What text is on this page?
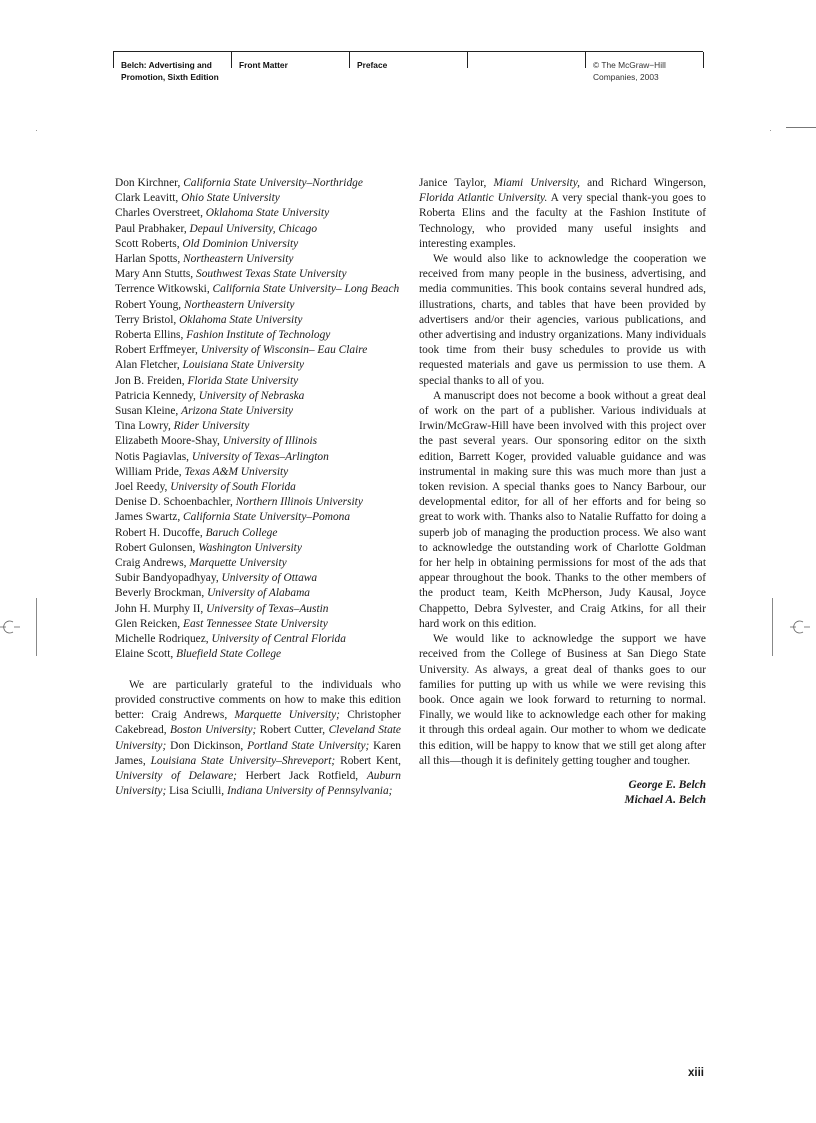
Belch: Advertising and
Promotion, Sixth Edition
Front Matter	Preface	© The McGraw−Hill
Companies, 2003
Don Kirchner, California State University–Northridge
Clark Leavitt, Ohio State University
Charles Overstreet, Oklahoma State University
Paul Prabhaker, Depaul University, Chicago
Scott Roberts, Old Dominion University
Harlan Spotts, Northeastern University
Mary Ann Stutts, Southwest Texas State University
Terrence Witkowski, California State University– Long Beach
Robert Young, Northeastern University
Terry Bristol, Oklahoma State University
Roberta Ellins, Fashion Institute of Technology
Robert Erffmeyer, University of Wisconsin– Eau Claire
Alan Fletcher, Louisiana State University
Jon B. Freiden, Florida State University
Patricia Kennedy, University of Nebraska
Susan Kleine, Arizona State University
Tina Lowry, Rider University
Elizabeth Moore-Shay, University of Illinois
Notis Pagiavlas, University of Texas–Arlington
William Pride, Texas A&M University
Joel Reedy, University of South Florida
Denise D. Schoenbachler, Northern Illinois University
James Swartz, California State University–Pomona
Robert H. Ducoffe, Baruch College
Robert Gulonsen, Washington University
Craig Andrews, Marquette University
Subir Bandyopadhyay, University of Ottawa
Beverly Brockman, University of Alabama
John H. Murphy II, University of Texas–Austin
Glen Reicken, East Tennessee State University
Michelle Rodriquez, University of Central Florida
Elaine Scott, Bluefield State College

We are particularly grateful to the individuals who provided constructive comments on how to make this edition better: Craig Andrews, Marquette University; Christopher Cakebread, Boston University; Robert Cutter, Cleveland State University; Don Dickinson, Portland State University; Karen James, Louisiana State University–Shreveport; Robert Kent, University of Delaware; Herbert Jack Rotfield, Auburn University; Lisa Sciulli, Indiana University of Pennsylvania;

Janice Taylor, Miami University, and Richard Wingerson, Florida Atlantic University. A very special thank-you goes to Roberta Elins and the faculty at the Fashion Institute of Technology, who provided many useful insights and interesting examples.

We would also like to acknowledge the cooperation we received from many people in the business, advertising, and media communities. This book contains several hundred ads, illustrations, charts, and tables that have been provided by advertisers and/or their agencies, various publications, and other advertising and industry organizations. Many individuals took time from their busy schedules to provide us with requested materials and gave us permission to use them. A special thanks to all of you.

A manuscript does not become a book without a great deal of work on the part of a publisher. Various individuals at Irwin/McGraw-Hill have been involved with this project over the past several years. Our sponsoring editor on the sixth edition, Barrett Koger, provided valuable guidance and was instrumental in making sure this was much more than just a token revision. A special thanks goes to Nancy Barbour, our developmental editor, for all of her efforts and for being so great to work with. Thanks also to Natalie Ruffatto for doing a superb job of managing the production process. We also want to acknowledge the outstanding work of Charlotte Goldman for her help in obtaining permissions for most of the ads that appear throughout the book. Thanks to the other members of the product team, Keith McPherson, Judy Kausal, Joyce Chappetto, Debra Sylvester, and Craig Atkins, for all their hard work on this edition.

We would like to acknowledge the support we have received from the College of Business at San Diego State University. As always, a great deal of thanks goes to our families for putting up with us while we were revising this book. Once again we look forward to returning to normal. Finally, we would like to acknowledge each other for making it through this ordeal again. Our mother to whom we dedicate this edition, will be happy to know that we still get along after all this—though it is definitely getting tougher and tougher.

George E. Belch
Michael A. Belch
xiii
